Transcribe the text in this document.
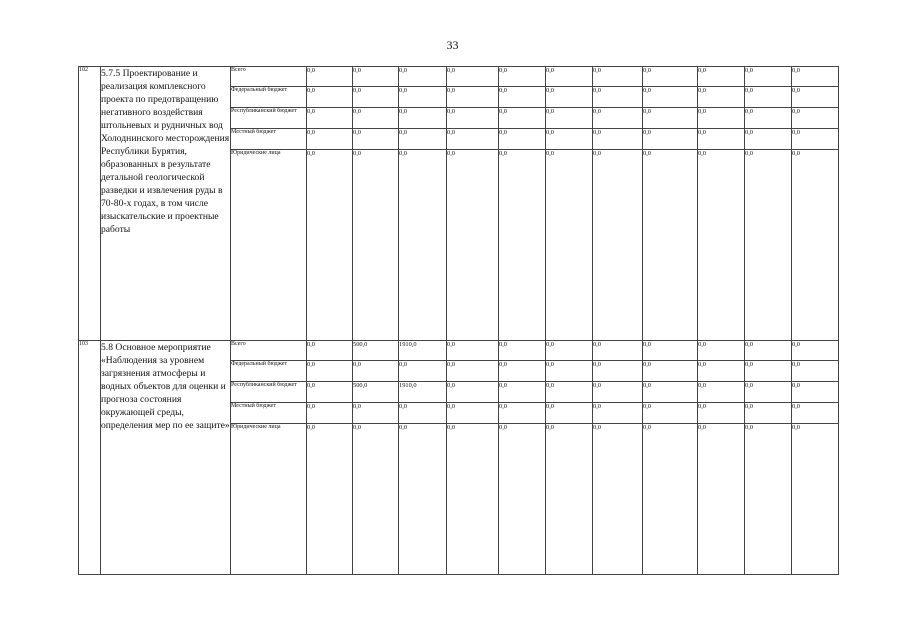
33
102	5.7.5 Проектирование и реализация комплексного проекта по предотвращению негативного воздействия штольневых и рудничных вод Холоднинского месторождения Республики Бурятия, образованных в результате детальной геологической разведки и извлечения руды в 70-80-х годах, в том числе изыскательские и проектные работы	Всего	0,0	0,0	0,0	0,0	0,0	0,0	0,0	0,0	0,0	0,0	0,0
		Федеральный бюджет	0,0	0,0	0,0	0,0	0,0	0,0	0,0	0,0	0,0	0,0	0,0
		Республиканский бюджет	0,0	0,0	0,0	0,0	0,0	0,0	0,0	0,0	0,0	0,0	0,0
		Местный бюджет	0,0	0,0	0,0	0,0	0,0	0,0	0,0	0,0	0,0	0,0	0,0
		Юридические лица	0,0	0,0	0,0	0,0	0,0	0,0	0,0	0,0	0,0	0,0	0,0
103	5.8 Основное мероприятие «Наблюдения за уровнем загрязнения атмосферы и водных объектов для оценки и прогноза состояния окружающей среды, определения мер по ее защите»	Всего	0,0	500,0	1910,0	0,0	0,0	0,0	0,0	0,0	0,0	0,0	0,0
		Федеральный бюджет	0,0	0,0	0,0	0,0	0,0	0,0	0,0	0,0	0,0	0,0	0,0
		Республиканский бюджет	0,0	500,0	1910,0	0,0	0,0	0,0	0,0	0,0	0,0	0,0	0,0
		Местный бюджет	0,0	0,0	0,0	0,0	0,0	0,0	0,0	0,0	0,0	0,0	0,0
		Юридические лица	0,0	0,0	0,0	0,0	0,0	0,0	0,0	0,0	0,0	0,0	0,0
